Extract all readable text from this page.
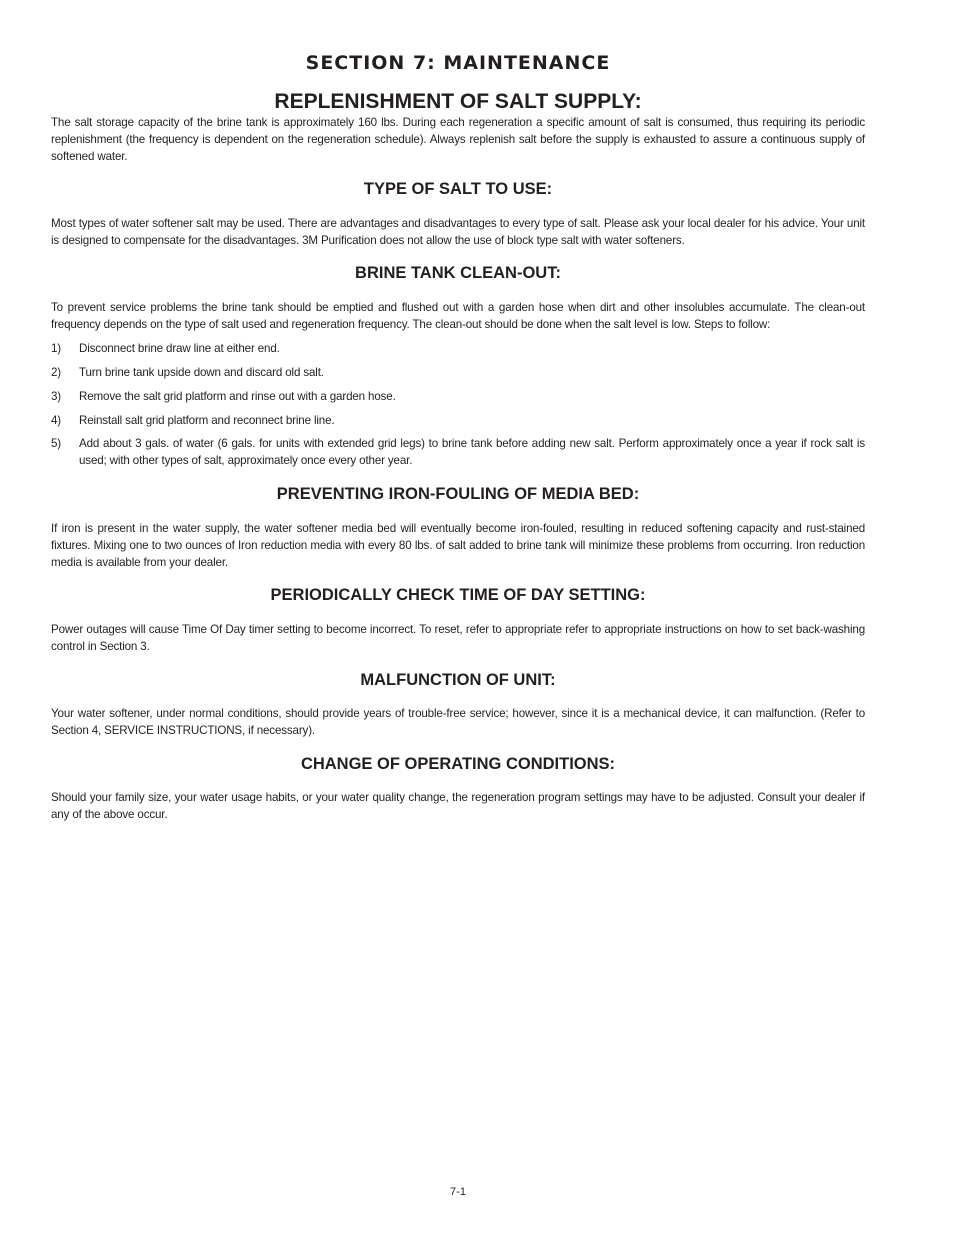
SECTION 7: MAINTENANCE
REPLENISHMENT OF SALT SUPPLY:
The salt storage capacity of the brine tank is approximately 160 lbs. During each regeneration a specific amount of salt is consumed, thus requiring its periodic replenishment (the frequency is dependent on the regeneration schedule). Always replenish salt before the supply is exhausted to assure a continuous supply of softened water.
TYPE OF SALT TO USE:
Most types of water softener salt may be used. There are advantages and disadvantages to every type of salt. Please ask your local dealer for his advice. Your unit is designed to compensate for the disadvantages. 3M Purification does not allow the use of block type salt with water softeners.
BRINE TANK CLEAN-OUT:
To prevent service problems the brine tank should be emptied and flushed out with a garden hose when dirt and other insolubles accumulate. The clean-out frequency depends on the type of salt used and regeneration frequency. The clean-out should be done when the salt level is low. Steps to follow:
1) Disconnect brine draw line at either end.
2) Turn brine tank upside down and discard old salt.
3) Remove the salt grid platform and rinse out with a garden hose.
4) Reinstall salt grid platform and reconnect brine line.
5) Add about 3 gals. of water (6 gals. for units with extended grid legs) to brine tank before adding new salt. Perform approximately once a year if rock salt is used; with other types of salt, approximately once every other year.
PREVENTING IRON-FOULING OF MEDIA BED:
If iron is present in the water supply, the water softener media bed will eventually become iron-fouled, resulting in reduced softening capacity and rust-stained fixtures. Mixing one to two ounces of Iron reduction media with every 80 lbs. of salt added to brine tank will minimize these problems from occurring. Iron reduction media is available from your dealer.
PERIODICALLY CHECK TIME OF DAY SETTING:
Power outages will cause Time Of Day timer setting to become incorrect. To reset, refer to appropriate refer to appropriate instructions on how to set back-washing control in Section 3.
MALFUNCTION OF UNIT:
Your water softener, under normal conditions, should provide years of trouble-free service; however, since it is a mechanical device, it can malfunction. (Refer to Section 4, SERVICE INSTRUCTIONS, if necessary).
CHANGE OF OPERATING CONDITIONS:
Should your family size, your water usage habits, or your water quality change, the regeneration program settings may have to be adjusted. Consult your dealer if any of the above occur.
7-1
